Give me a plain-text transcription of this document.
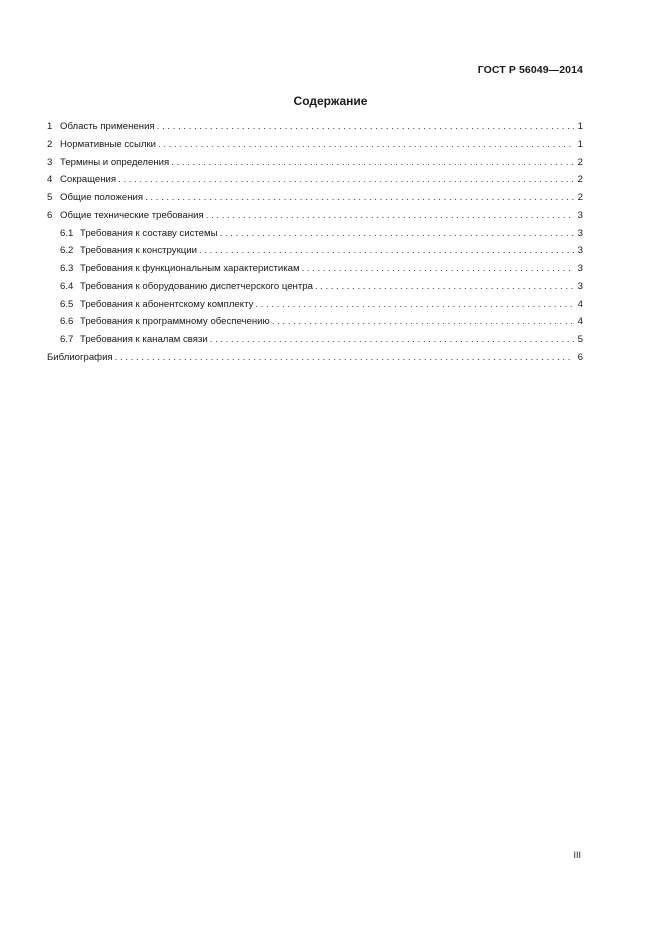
ГОСТ Р 56049—2014
Содержание
1 Область применения . . .	1
2 Нормативные ссылки . . .	1
3 Термины и определения . . .	2
4 Сокращения . . .	2
5 Общие положения . . .	2
6 Общие технические требования . . .	3
6.1 Требования к составу системы . . .	3
6.2 Требования к конструкции . . .	3
6.3 Требования к функциональным характеристикам . . .	3
6.4 Требования к оборудованию диспетчерского центра . . .	3
6.5 Требования к абонентскому комплекту . . .	4
6.6 Требования к программному обеспечению . . .	4
6.7 Требования к каналам связи . . .	5
Библиография . . .	6
III
